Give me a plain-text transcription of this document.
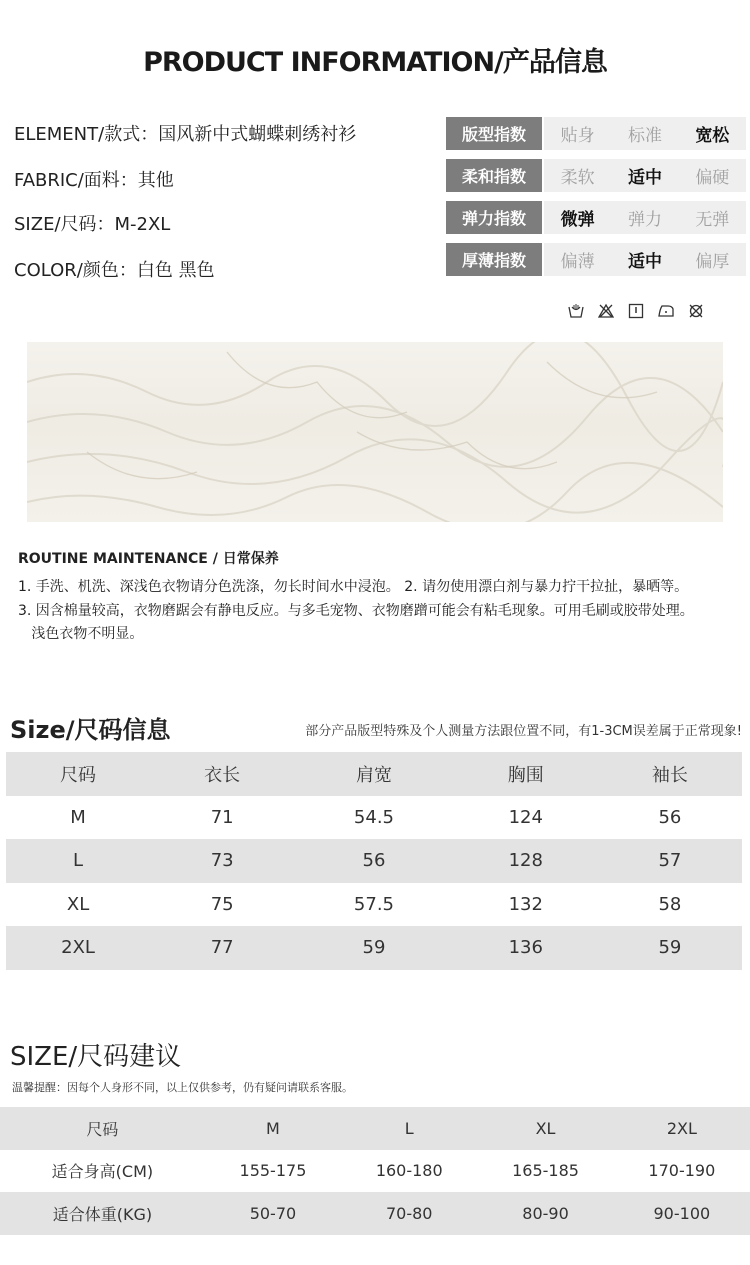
PRODUCT INFORMATION/产品信息
ELEMENT/款式：国风新中式蝴蝶刺绣衬衫
FABRIC/面料：其他
SIZE/尺码：M-2XL
COLOR/颜色：白色 黑色
版型指数	贴身	标准	宽松
柔和指数	柔软	适中	偏硬
弹力指数	微弹	弹力	无弹
厚薄指数	偏薄	适中	偏厚
ROUTINE MAINTENANCE / 日常保养
1. 手洗、机洗、深浅色衣物请分色洗涤，勿长时间水中浸泡。 2. 请勿使用漂白剂与暴力拧干拉扯，暴晒等。
3. 因含棉量较高，衣物磨踞会有静电反应。与多毛宠物、衣物磨蹭可能会有粘毛现象。可用毛刷或胶带处理。
浅色衣物不明显。
Size/尺码信息	部分产品版型特殊及个人测量方法跟位置不同，有1-3CM误差属于正常现象!
尺码	衣长	肩宽	胸围	袖长
M	71	54.5	124	56
L	73	56	128	57
XL	75	57.5	132	58
2XL	77	59	136	59
SIZE/尺码建议
温馨提醒：因每个人身形不同，以上仅供参考，仍有疑问请联系客服。
尺码	M	L	XL	2XL
适合身高(CM)	155-175	160-180	165-185	170-190
适合体重(KG)	50-70	70-80	80-90	90-100
